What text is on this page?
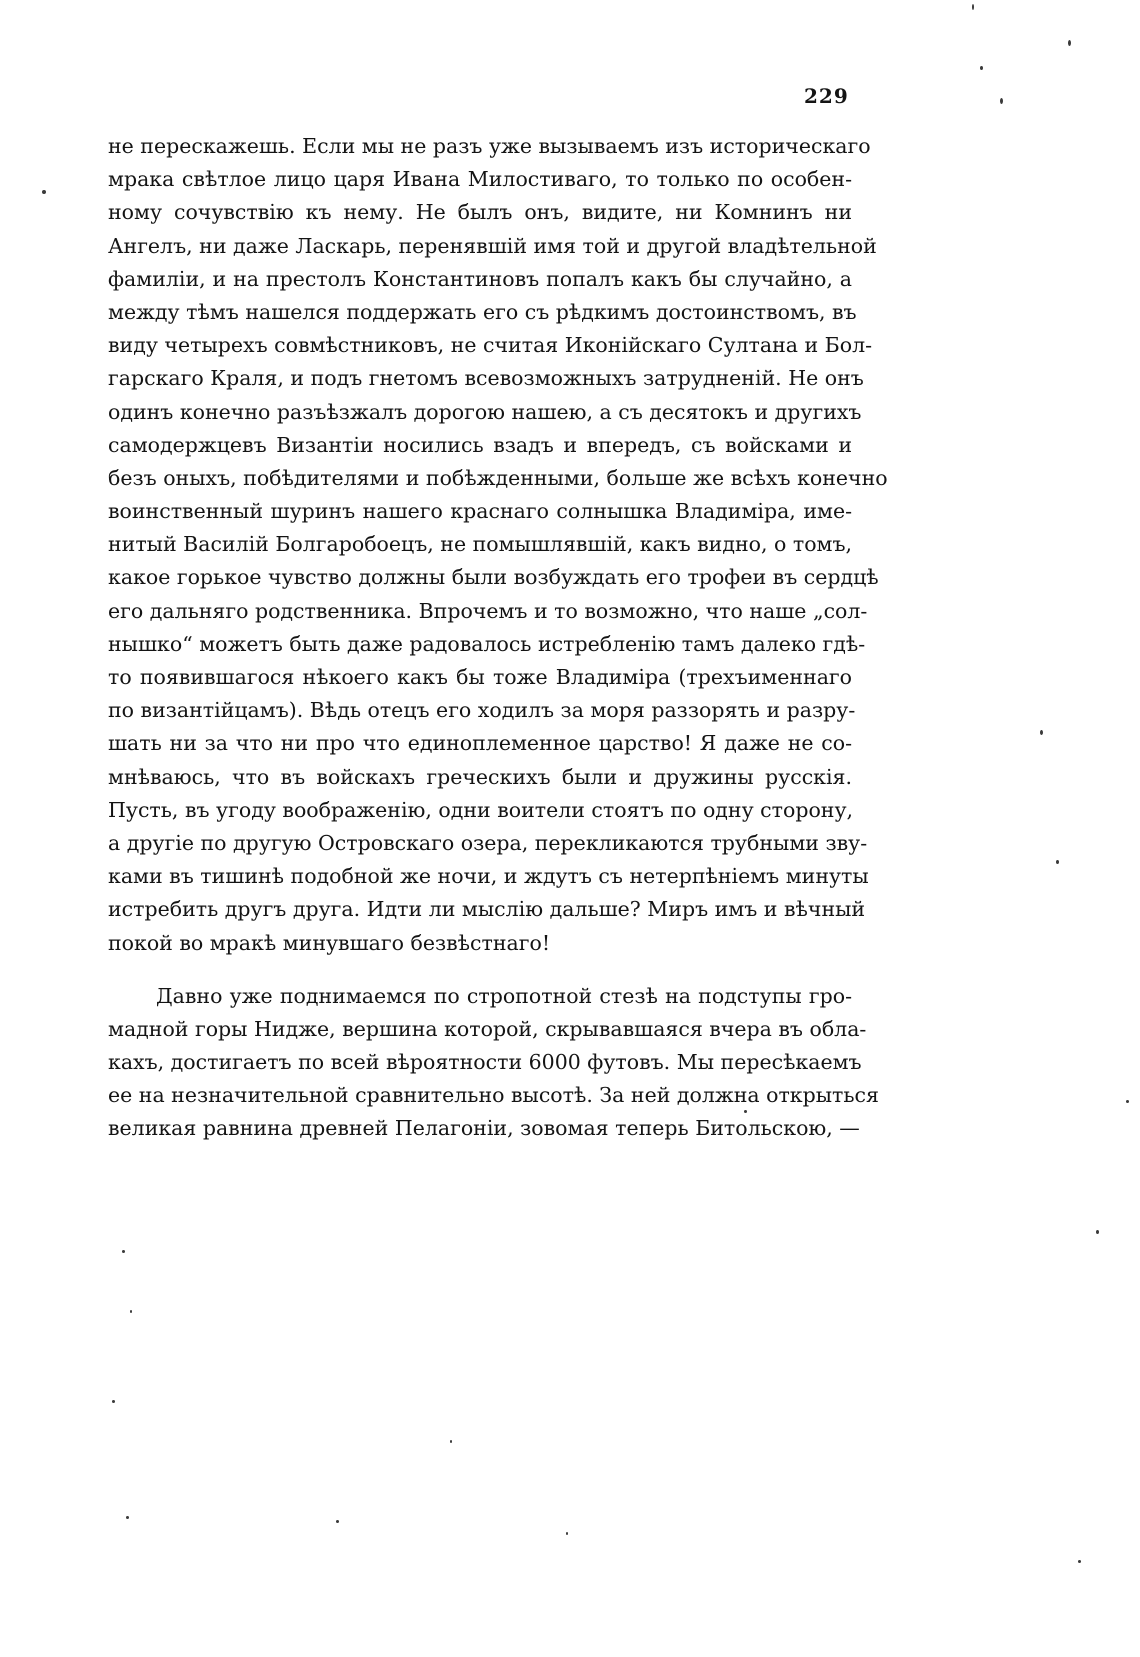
229
не перескажешь. Если мы не разъ уже вызываемъ изъ историческаго
мрака свѣтлое лицо царя Ивана Милостиваго, то только по особен-
ному сочувствію къ нему. Не былъ онъ, видите, ни Комнинъ ни
Ангелъ, ни даже Ласкарь, перенявшій имя той и другой владѣтельной
фамиліи, и на престолъ Константиновъ попалъ какъ бы случайно, а
между тѣмъ нашелся поддержать его съ рѣдкимъ достоинствомъ, въ
виду четырехъ совмѣстниковъ, не считая Иконійскаго Султана и Бол-
гарскаго Краля, и подъ гнетомъ всевозможныхъ затрудненій. Не онъ
одинъ конечно разъѣзжалъ дорогою нашею, а съ десятокъ и другихъ
самодержцевъ Византіи носились взадъ и впередъ, съ войсками и
безъ оныхъ, побѣдителями и побѣжденными, больше же всѣхъ конечно
воинственный шуринъ нашего краснаго солнышка Владиміра, име-
нитый Василій Болгаробоецъ, не помышлявшій, какъ видно, о томъ,
какое горькое чувство должны были возбуждать его трофеи въ сердцѣ
его дальняго родственника. Впрочемъ и то возможно, что наше „сол-
нышко“ можетъ быть даже радовалось истребленію тамъ далеко гдѣ-
то появившагося нѣкоего какъ бы тоже Владиміра (трехъименнаго
по византійцамъ). Вѣдь отецъ его ходилъ за моря раззорять и разру-
шать ни за что ни про что единоплеменное царство! Я даже не со-
мнѣваюсь, что въ войскахъ греческихъ были и дружины русскія.
Пусть, въ угоду воображенію, одни воители стоятъ по одну сторону,
а другіе по другую Островскаго озера, перекликаются трубными зву-
ками въ тишинѣ подобной же ночи, и ждутъ съ нетерпѣніемъ минуты
истребить другъ друга. Идти ли мыслію дальше? Миръ имъ и вѣчный
покой во мракѣ минувшаго безвѣстнаго!
Давно уже поднимаемся по стропотной стезѣ на подступы гро-
мадной горы Нидже, вершина которой, скрывавшаяся вчера въ обла-
кахъ, достигаетъ по всей вѣроятности 6000 футовъ. Мы пересѣкаемъ
ее на незначительной сравнительно высотѣ. За ней должна открыться
великая равнина древней Пелагоніи, зовомая теперь Битольскою, —
